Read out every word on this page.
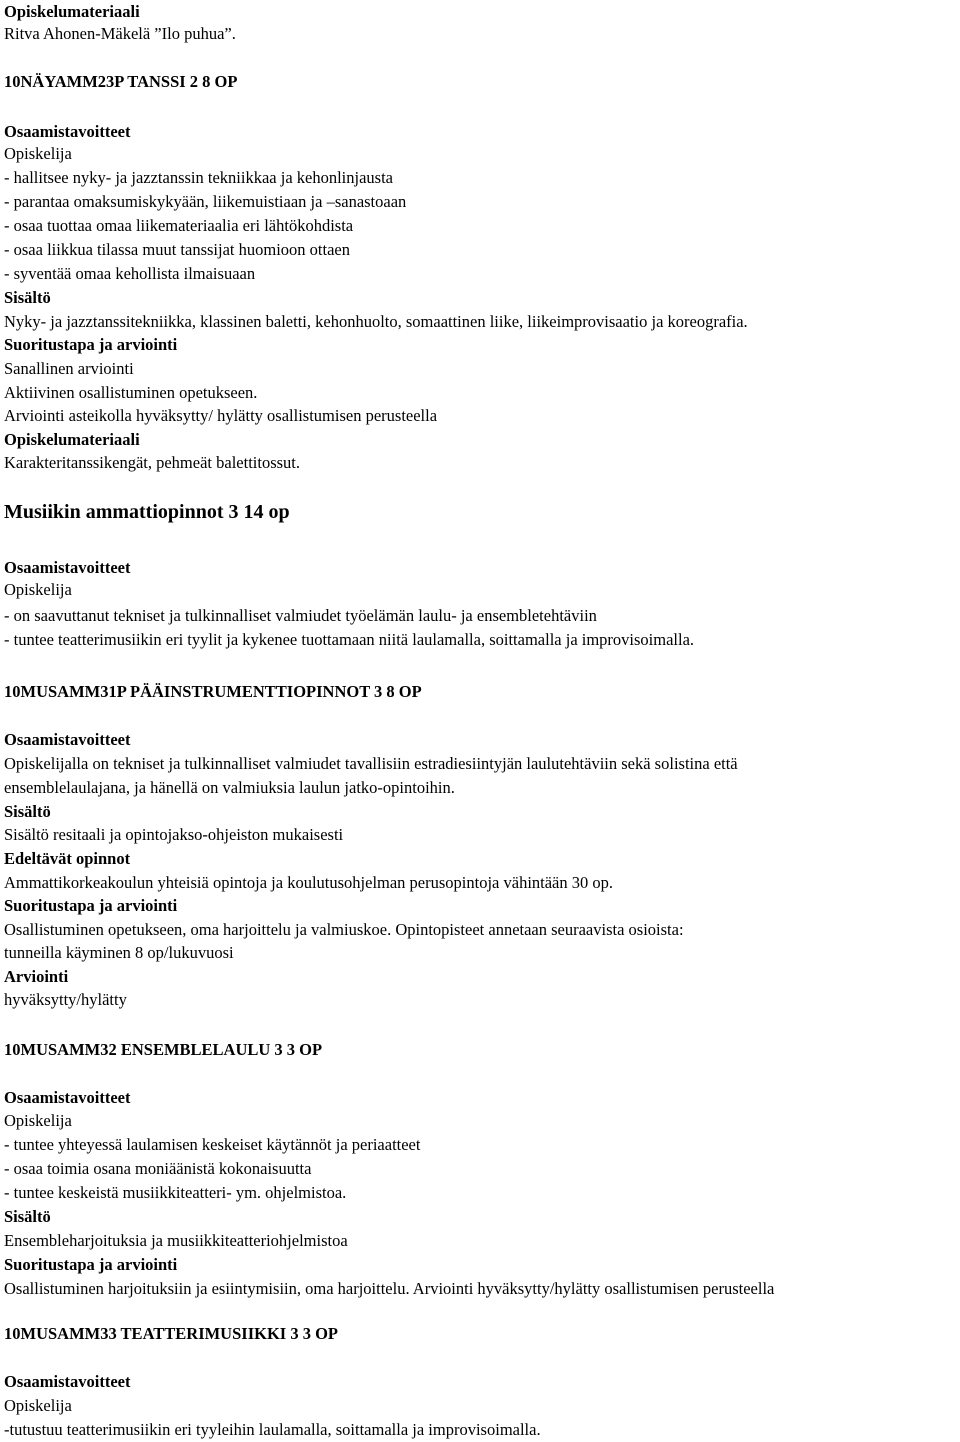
Opiskelumateriaali
Ritva Ahonen-Mäkelä ”Ilo puhua”.
10NÄYAMM23P TANSSI 2 8 OP
Osaamistavoitteet
Opiskelija
- hallitsee nyky- ja jazztanssin tekniikkaa ja kehonlinjausta
- parantaa omaksumiskykyään, liikemuistiaan ja –sanastoaan
- osaa tuottaa omaa liikemateriaalia eri lähtökohdista
- osaa liikkua tilassa muut tanssijat huomioon ottaen
- syventää omaa kehollista ilmaisuaan
Sisältö
Nyky- ja jazztanssitekniikka, klassinen baletti, kehonhuolto, somaattinen liike, liikeimprovisaatio ja koreografia.
Suoritustapa ja arviointi
Sanallinen arviointi
Aktiivinen osallistuminen opetukseen.
Arviointi asteikolla hyväksytty/ hylätty osallistumisen perusteella
Opiskelumateriaali
Karakteritanssikengät, pehmeät balettitossut.
Musiikin ammattiopinnot 3 14 op
Osaamistavoitteet
Opiskelija
- on saavuttanut tekniset ja tulkinnalliset valmiudet työelämän laulu- ja ensembletehtäviin
- tuntee teatterimusiikin eri tyylit ja kykenee tuottamaan niitä laulamalla, soittamalla ja improvisoimalla.
10MUSAMM31P PÄÄINSTRUMENTTIOPINNOT 3 8 OP
Osaamistavoitteet
Opiskelijalla on tekniset ja tulkinnalliset valmiudet tavallisiin estradiesiintyjän laulutehtäviin sekä solistina että
ensemblelaulajana, ja hänellä on valmiuksia laulun jatko-opintoihin.
Sisältö
Sisältö resitaali ja opintojakso-ohjeiston mukaisesti
Edeltävät opinnot
Ammattikorkeakoulun yhteisiä opintoja ja koulutusohjelman perusopintoja vähintään 30 op.
Suoritustapa ja arviointi
Osallistuminen opetukseen, oma harjoittelu ja valmiuskoe. Opintopisteet annetaan seuraavista osioista:
tunneilla käyminen 8 op/lukuvuosi
Arviointi
hyväksytty/hylätty
10MUSAMM32 ENSEMBLELAULU 3 3 OP
Osaamistavoitteet
Opiskelija
- tuntee yhteyessä laulamisen keskeiset käytännöt ja periaatteet
- osaa toimia osana moniäänistä kokonaisuutta
- tuntee keskeistä musiikkiteatteri- ym. ohjelmistoa.
Sisältö
Ensembleharjoituksia ja musiikkiteatteriohjelmistoa
Suoritustapa ja arviointi
Osallistuminen harjoituksiin ja esiintymisiin, oma harjoittelu. Arviointi hyväksytty/hylätty osallistumisen perusteella
10MUSAMM33 TEATTERIMUSIIKKI 3 3 OP
Osaamistavoitteet
Opiskelija
-tutustuu teatterimusiikin eri tyyleihin laulamalla, soittamalla ja improvisoimalla.
